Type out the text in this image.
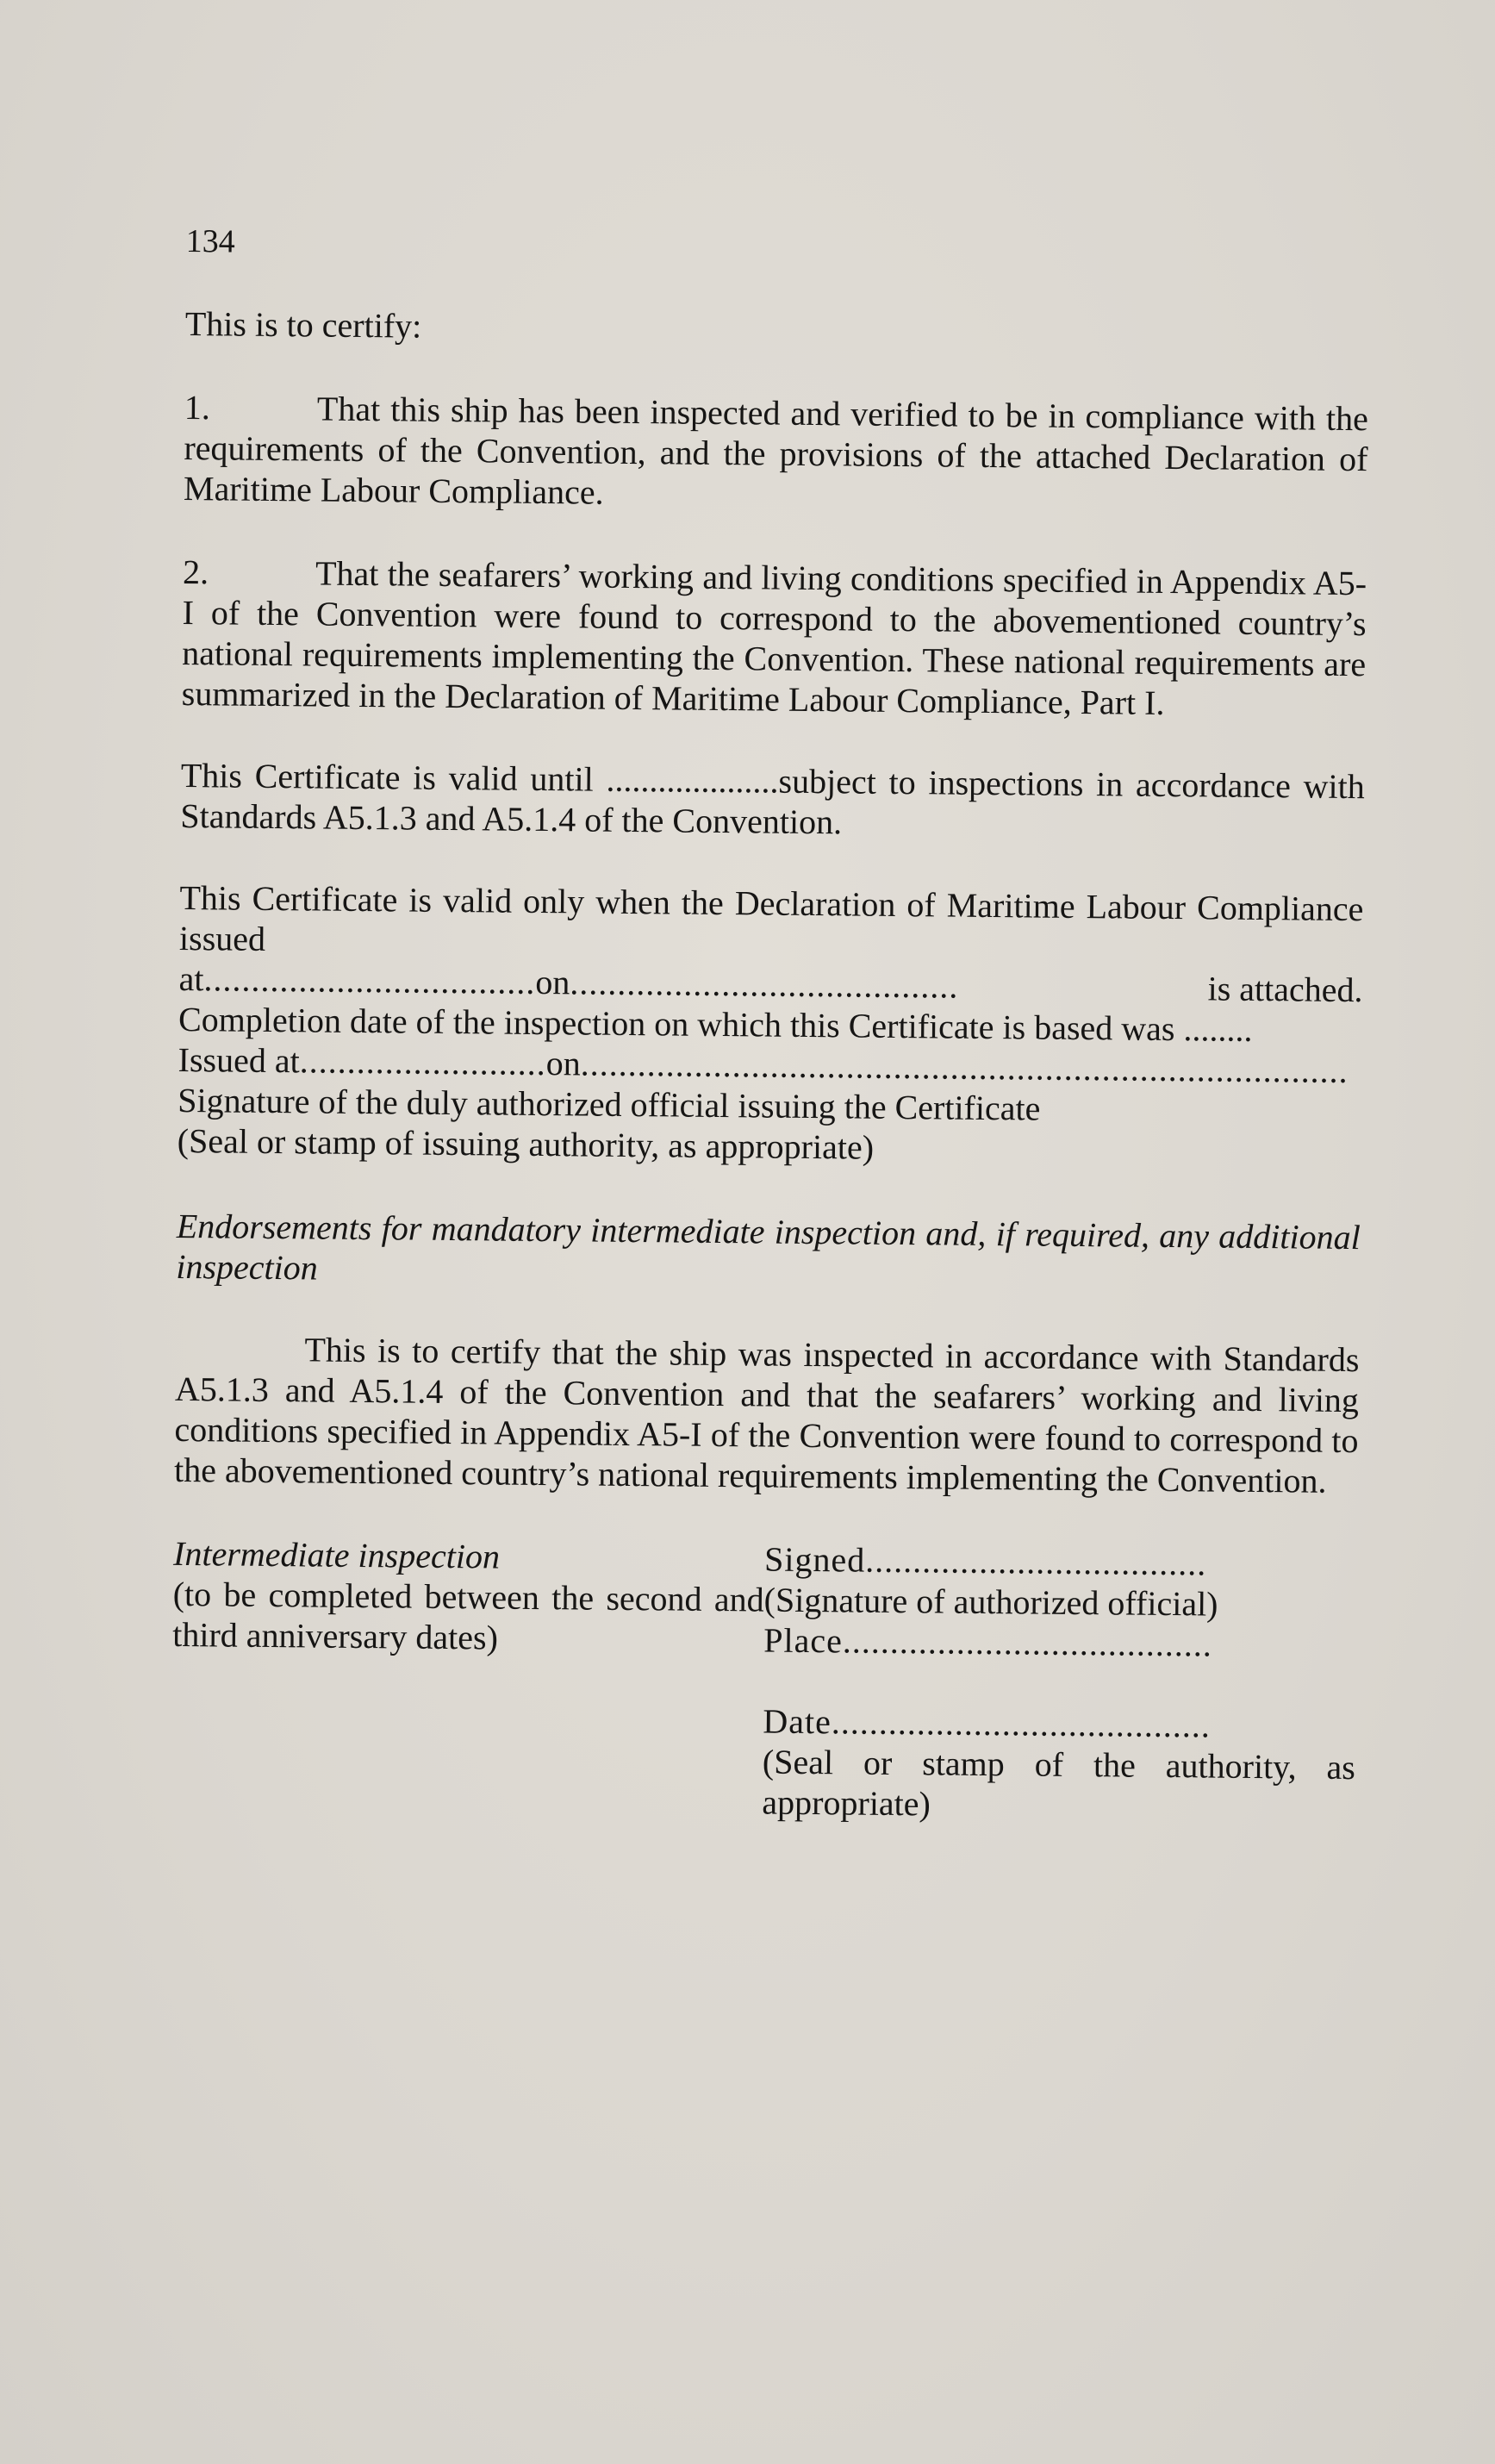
134

This is to certify:

1.	That this ship has been inspected and verified to be in compliance with the requirements of the Convention, and the provisions of the attached Declaration of Maritime Labour Compliance.

2.	That the seafarers’ working and living conditions specified in Appendix A5-I of the Convention were found to correspond to the abovementioned country’s national requirements implementing the Convention. These national requirements are summarized in the Declaration of Maritime Labour Compliance, Part I.

This Certificate is valid until ....................subject to inspections in accordance with Standards A5.1.3 and A5.1.4 of the Convention.

This Certificate is valid only when the Declaration of Maritime Labour Compliance issued

at ................................... on .........................................	is attached.

Completion date of the inspection on which this Certificate is based was ........

Issued at .......................... on .................................................................................

Signature of the duly authorized official issuing the Certificate

(Seal or stamp of issuing authority, as appropriate)

Endorsements for mandatory intermediate inspection and, if required, any additional inspection

This is to certify that the ship was inspected in accordance with Standards A5.1.3 and A5.1.4 of the Convention and that the seafarers’ working and living conditions specified in Appendix A5-I of the Convention were found to correspond to the abovementioned country’s national requirements implementing the Convention.

Intermediate inspection

(to be completed between the second and third anniversary dates)

Signed....................................

(Signature of authorized official)

Place.......................................

Date........................................

(Seal or stamp of the authority, as appropriate)
